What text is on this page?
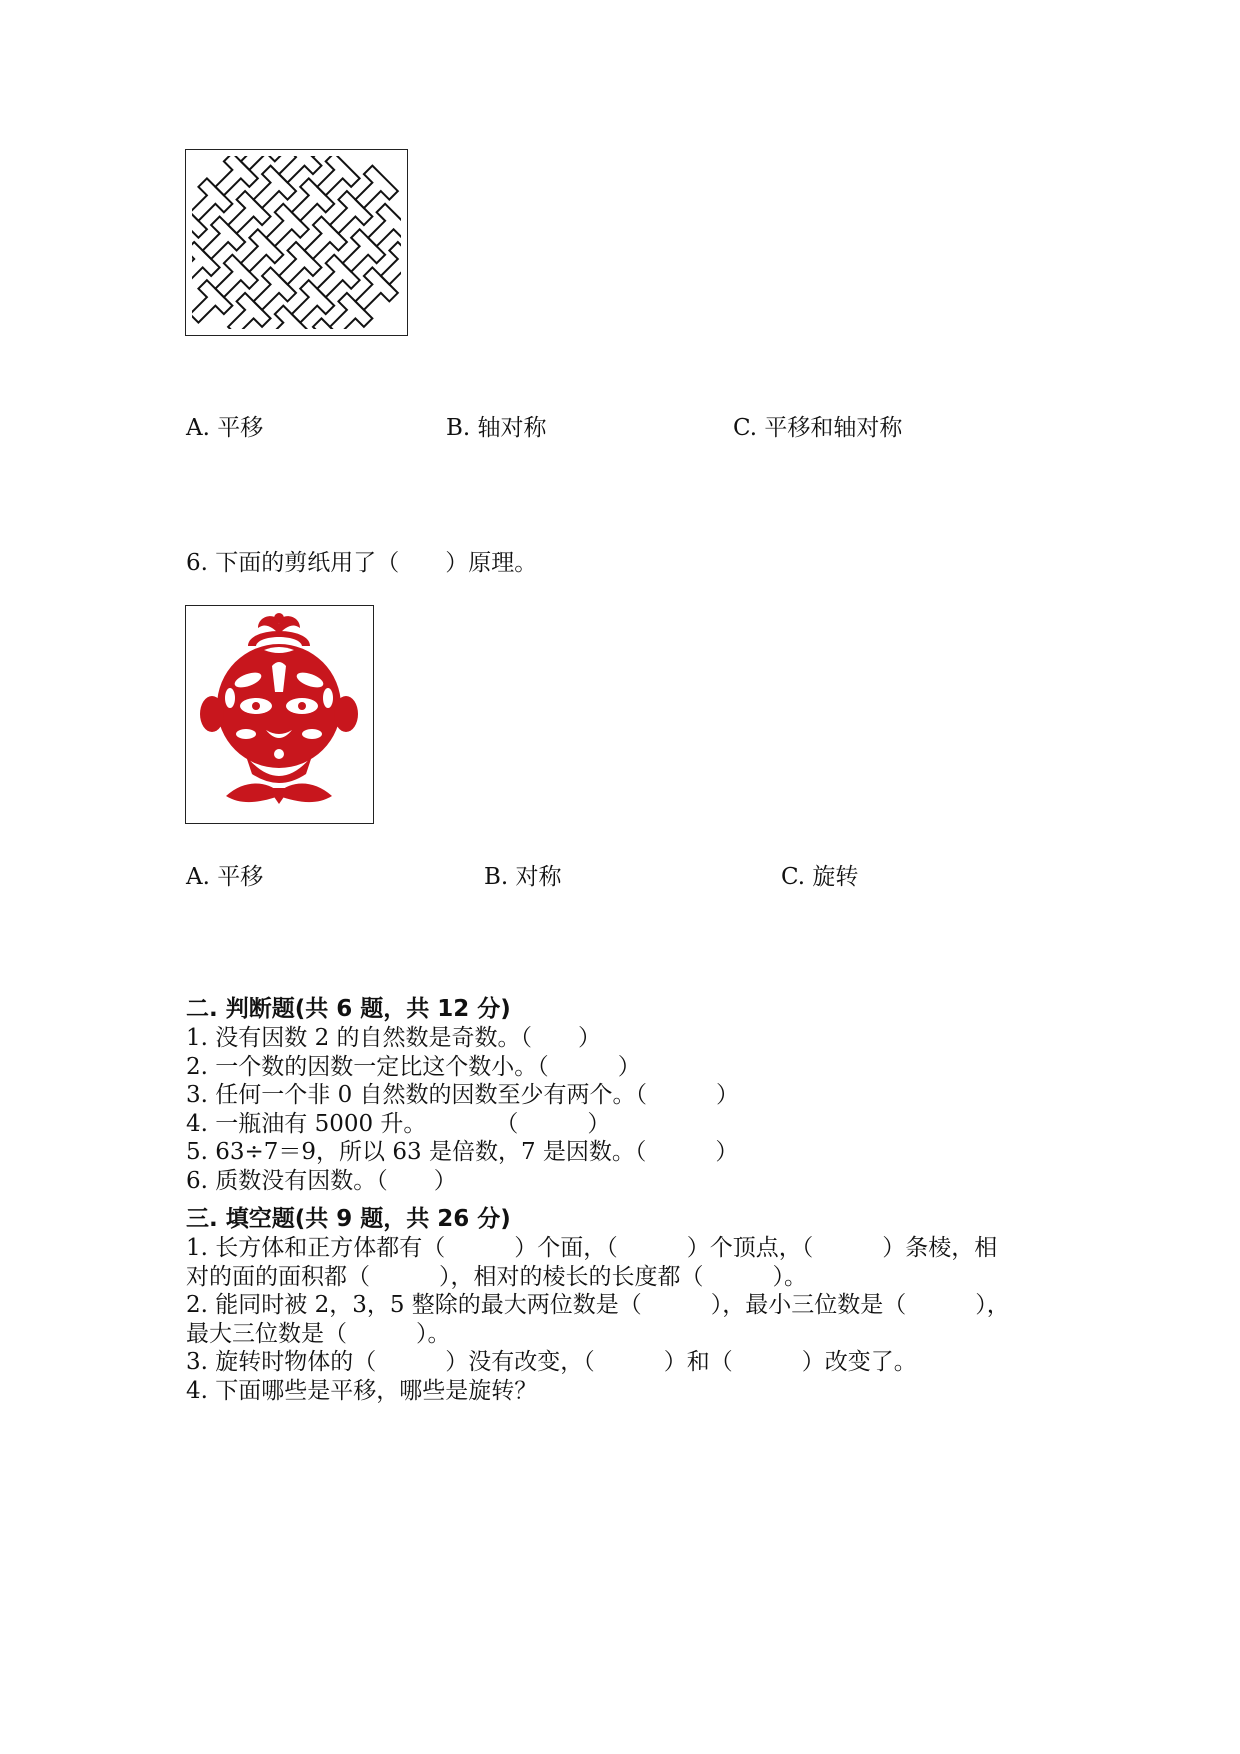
A. 平移	B. 轴对称	C. 平移和轴对称
6. 下面的剪纸用了（　　）原理。
A. 平移	B. 对称	C. 旋转
二. 判断题(共 6 题，共 12 分)
1. 没有因数 2 的自然数是奇数。（　　）
2. 一个数的因数一定比这个数小。（　　　）
3. 任何一个非 0 自然数的因数至少有两个。（　　　）
4. 一瓶油有 5000 升。　　　　（　　　）
5. 63÷7＝9，所以 63 是倍数，7 是因数。（　　　）
6. 质数没有因数。（　　）
三. 填空题(共 9 题，共 26 分)
1. 长方体和正方体都有（　　　）个面，（　　　）个顶点，（　　　）条棱，相
对的面的面积都（　　　），相对的棱长的长度都（　　　）。
2. 能同时被 2，3，5 整除的最大两位数是（　　　），最小三位数是（　　　），
最大三位数是（　　　）。
3. 旋转时物体的（　　　）没有改变，（　　　）和（　　　）改变了。
4. 下面哪些是平移，哪些是旋转？
